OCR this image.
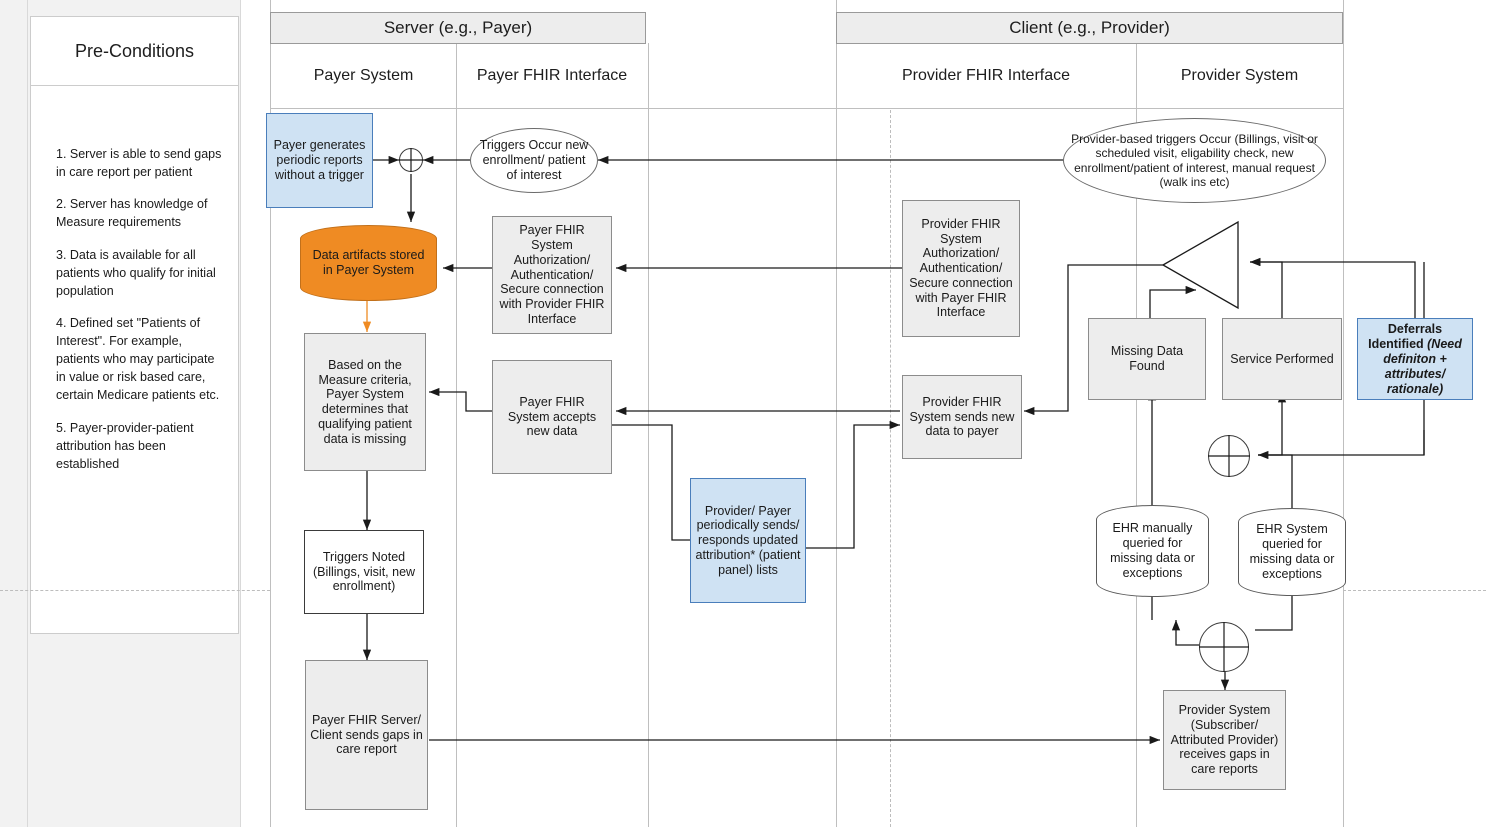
Pre-Conditions

1. Server is able to send gaps in care report per patient

2. Server has knowledge of Measure requirements

3. Data is available for all patients who qualify for initial population

4. Defined set "Patients of Interest". For example, patients who may participate in value or risk based care, certain Medicare patients etc.

5. Payer-provider-patient attribution has been established

Server (e.g., Payer)	Client (e.g., Provider)
Payer System	Payer FHIR Interface	Provider FHIR Interface	Provider System
Payer generates periodic reports without a trigger
Triggers Occur new enrollment/ patient of interest
Provider-based triggers Occur (Billings, visit or scheduled visit, eligability check, new enrollment/patient of interest, manual request (walk ins etc)
Data artifacts stored in Payer System
Payer FHIR System Authorization/ Authentication/ Secure connection with Provider FHIR Interface
Provider FHIR System Authorization/ Authentication/ Secure connection with Payer FHIR Interface
Missing Data Found
Service Performed
Deferrals Identified (Need definiton + attributes/ rationale)
Based on the Measure criteria, Payer System determines that qualifying patient data is missing
Payer FHIR System accepts new data
Provider FHIR System sends new data to payer
Provider/ Payer periodically sends/ responds updated attribution* (patient panel) lists
EHR manually queried for missing data or exceptions
EHR System queried for missing data or exceptions
Triggers Noted (Billings, visit, new enrollment)
Payer FHIR Server/ Client sends gaps in care report
Provider System (Subscriber/ Attributed Provider) receives gaps in care reports
